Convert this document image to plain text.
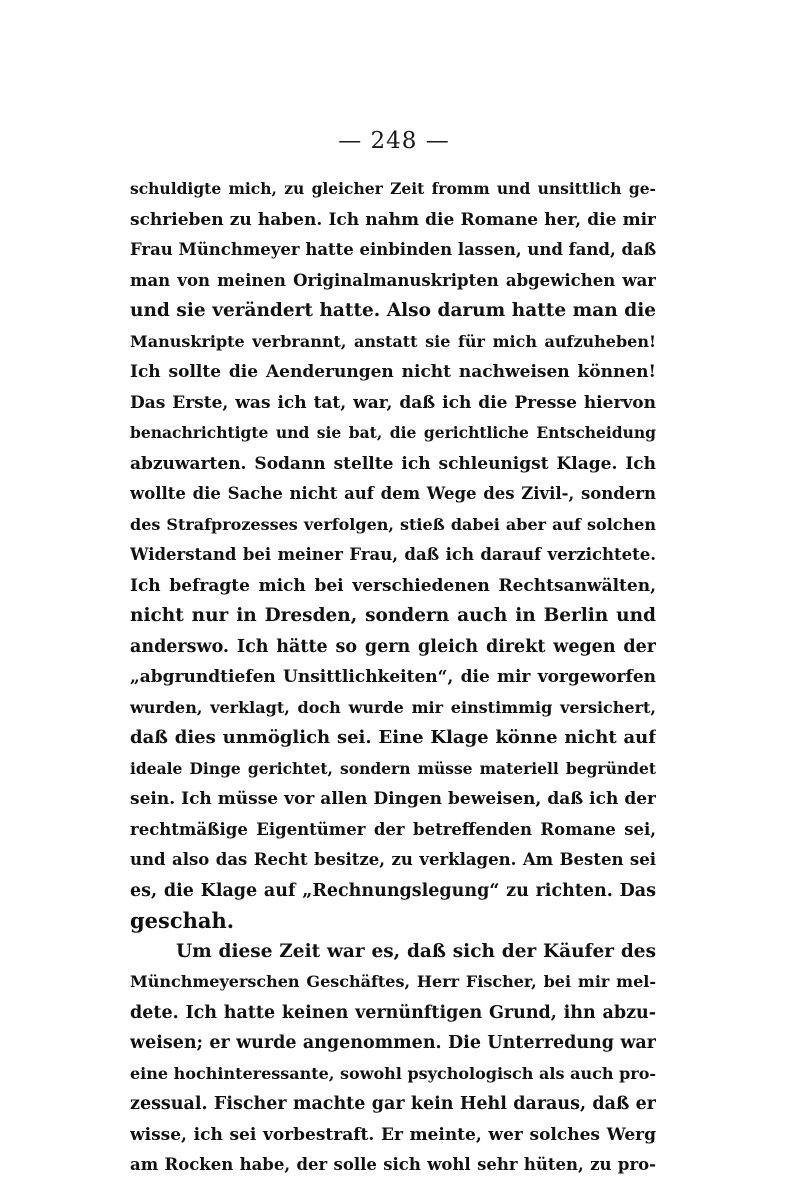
— 248 —
schuldigte mich, zu gleicher Zeit fromm und unsittlich ge-
schrieben zu haben. Ich nahm die Romane her, die mir
Frau Münchmeyer hatte einbinden lassen, und fand, daß
man von meinen Originalmanuskripten abgewichen war
und sie verändert hatte. Also darum hatte man die
Manuskripte verbrannt, anstatt sie für mich aufzuheben!
Ich sollte die Aenderungen nicht nachweisen können!
Das Erste, was ich tat, war, daß ich die Presse hiervon
benachrichtigte und sie bat, die gerichtliche Entscheidung
abzuwarten. Sodann stellte ich schleunigst Klage. Ich
wollte die Sache nicht auf dem Wege des Zivil-, sondern
des Strafprozesses verfolgen, stieß dabei aber auf solchen
Widerstand bei meiner Frau, daß ich darauf verzichtete.
Ich befragte mich bei verschiedenen Rechtsanwälten,
nicht nur in Dresden, sondern auch in Berlin und
anderswo. Ich hätte so gern gleich direkt wegen der
„abgrundtiefen Unsittlichkeiten“, die mir vorgeworfen
wurden, verklagt, doch wurde mir einstimmig versichert,
daß dies unmöglich sei. Eine Klage könne nicht auf
ideale Dinge gerichtet, sondern müsse materiell begründet
sein. Ich müsse vor allen Dingen beweisen, daß ich der
rechtmäßige Eigentümer der betreffenden Romane sei,
und also das Recht besitze, zu verklagen. Am Besten sei
es, die Klage auf „Rechnungslegung“ zu richten. Das
geschah.
Um diese Zeit war es, daß sich der Käufer des
Münchmeyerschen Geschäftes, Herr Fischer, bei mir mel-
dete. Ich hatte keinen vernünftigen Grund, ihn abzu-
weisen; er wurde angenommen. Die Unterredung war
eine hochinteressante, sowohl psychologisch als auch pro-
zessual. Fischer machte gar kein Hehl daraus, daß er
wisse, ich sei vorbestraft. Er meinte, wer solches Werg
am Rocken habe, der solle sich wohl sehr hüten, zu pro-
